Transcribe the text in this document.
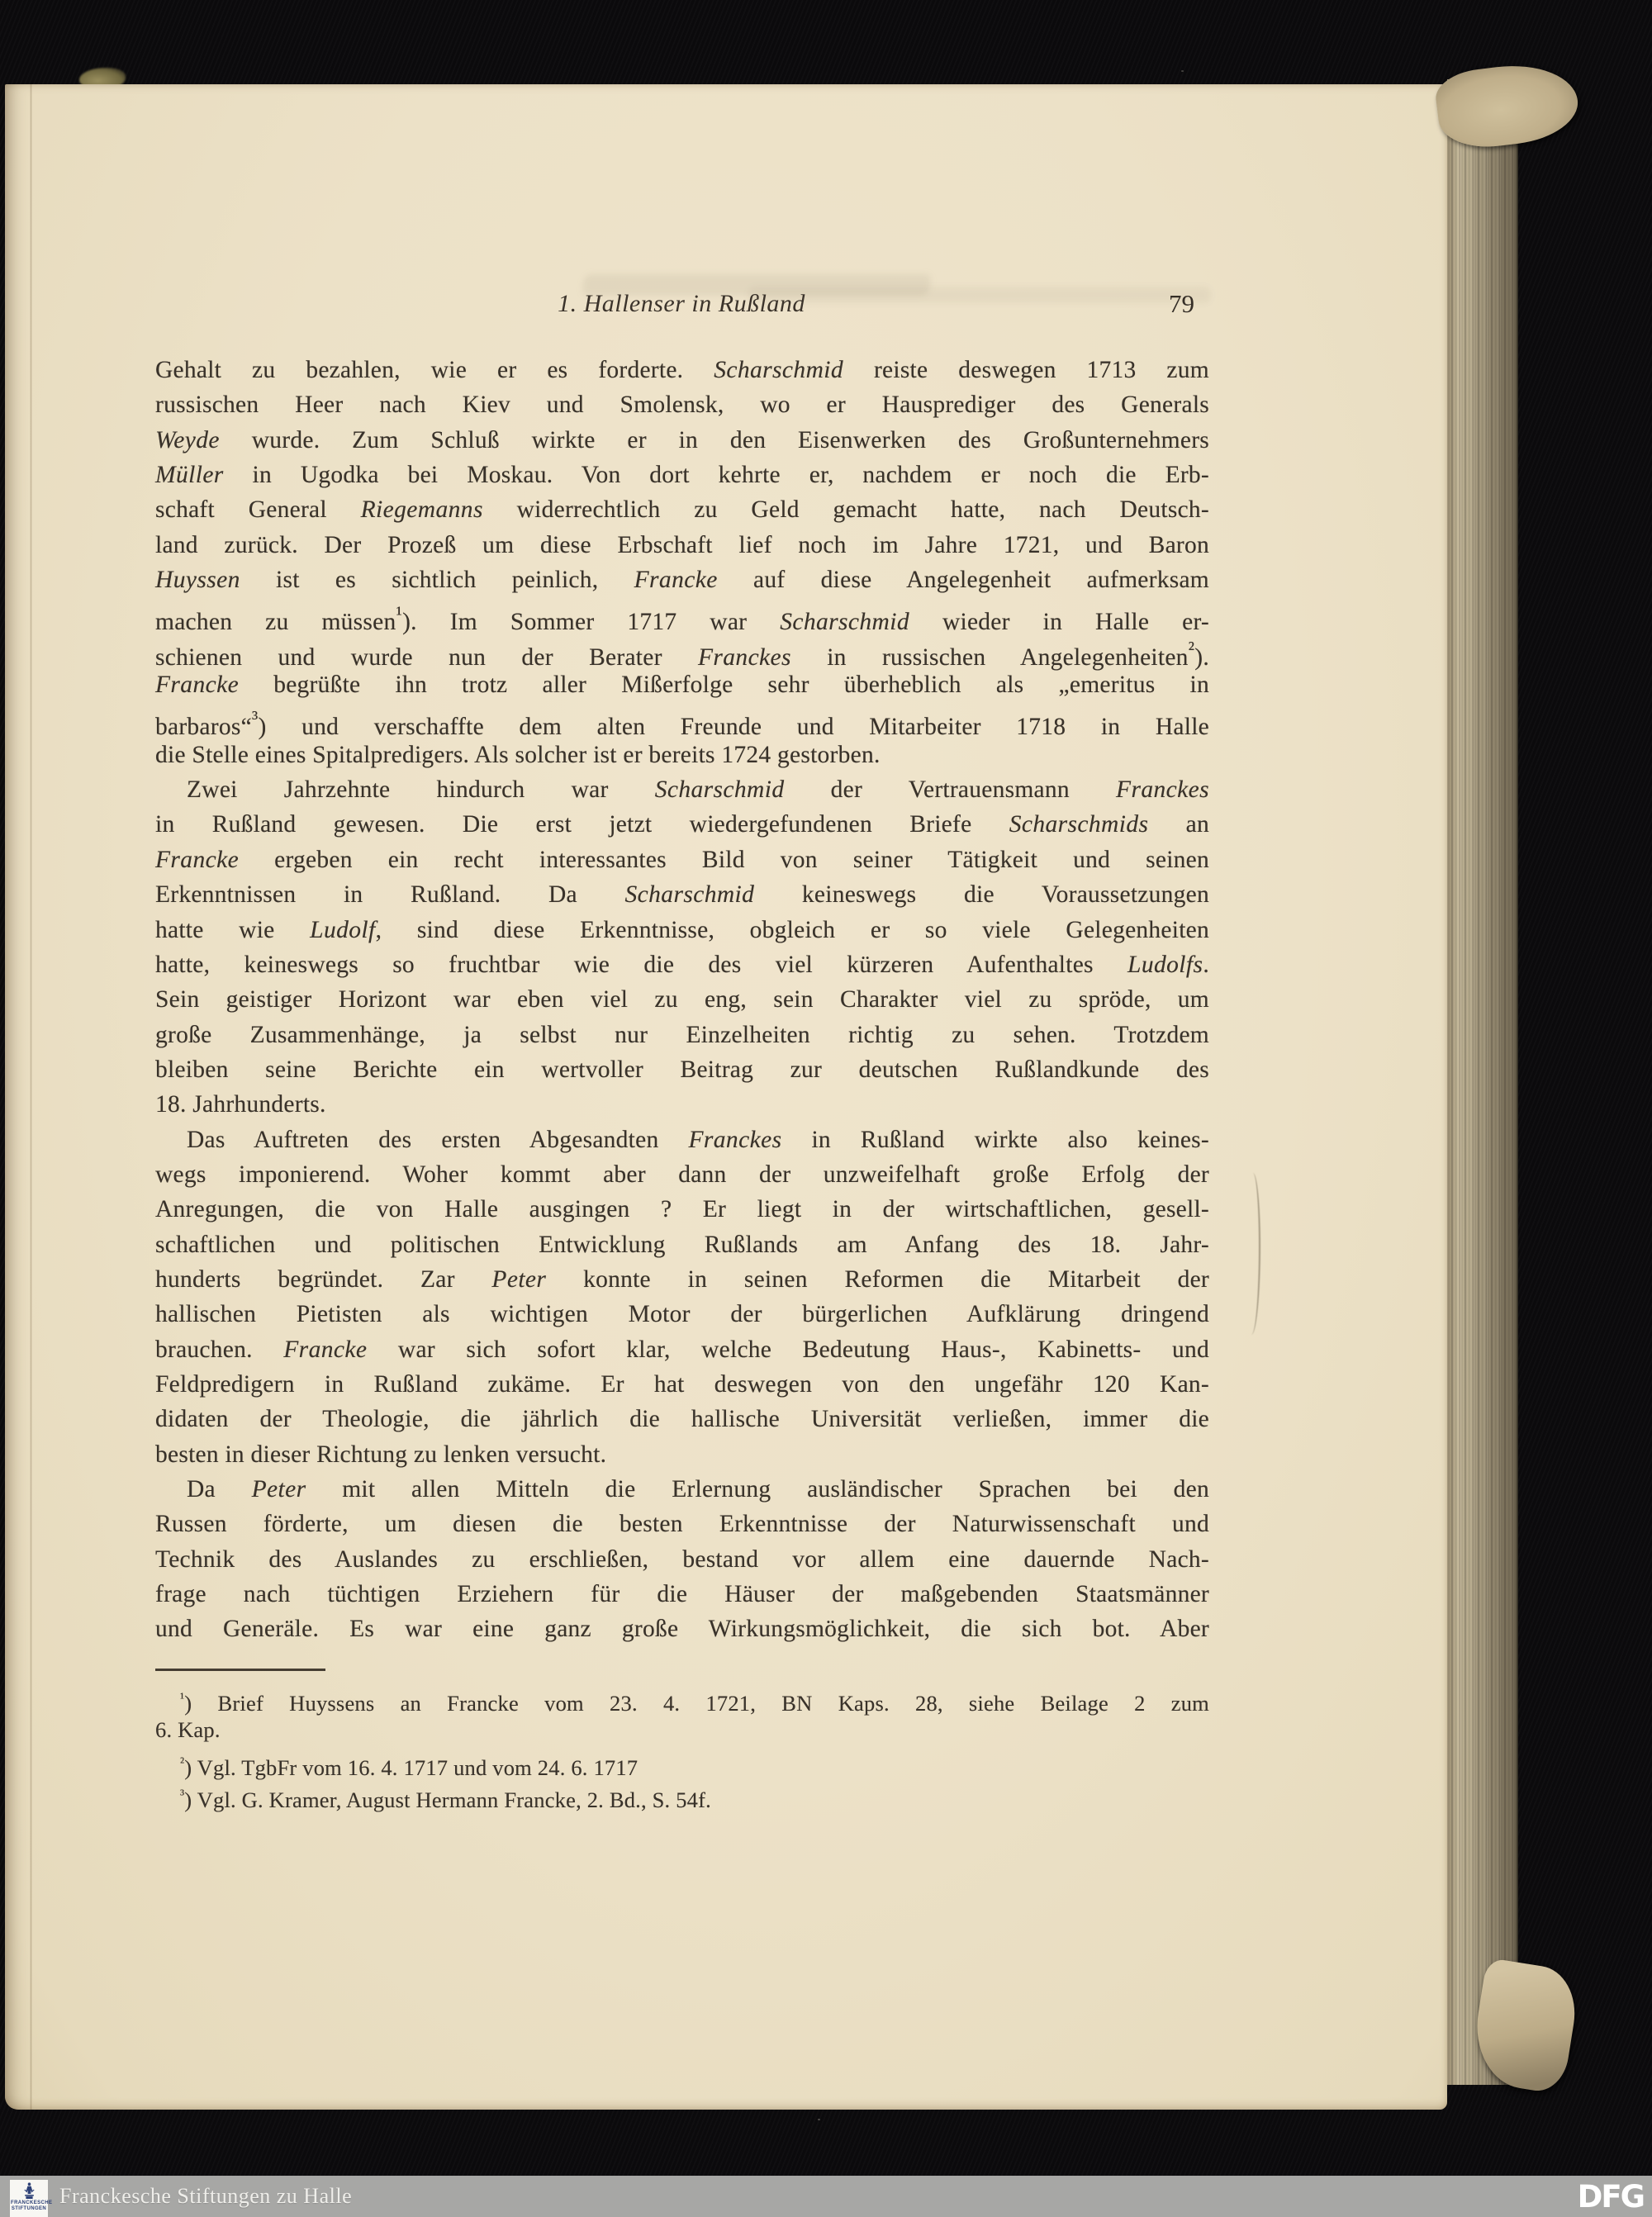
1. Hallenser in Rußland	79
Gehalt zu bezahlen, wie er es forderte. Scharschmid reiste deswegen 1713 zum
russischen Heer nach Kiev und Smolensk, wo er Hausprediger des Generals
Weyde wurde. Zum Schluß wirkte er in den Eisenwerken des Großunternehmers
Müller in Ugodka bei Moskau. Von dort kehrte er, nachdem er noch die Erb-
schaft General Riegemanns widerrechtlich zu Geld gemacht hatte, nach Deutsch-
land zurück. Der Prozeß um diese Erbschaft lief noch im Jahre 1721, und Baron
Huyssen ist es sichtlich peinlich, Francke auf diese Angelegenheit aufmerksam
machen zu müssen$^{^1}$). Im Sommer 1717 war Scharschmid wieder in Halle er-
schienen und wurde nun der Berater Franckes in russischen Angelegenheiten$^{^2}$).
Francke begrüßte ihn trotz aller Mißerfolge sehr überheblich als „emeritus in
barbaros“$^{^3}$) und verschaffte dem alten Freunde und Mitarbeiter 1718 in Halle
die Stelle eines Spitalpredigers. Als solcher ist er bereits 1724 gestorben.
Zwei Jahrzehnte hindurch war Scharschmid der Vertrauensmann Franckes
in Rußland gewesen. Die erst jetzt wiedergefundenen Briefe Scharschmids an
Francke ergeben ein recht interessantes Bild von seiner Tätigkeit und seinen
Erkenntnissen in Rußland. Da Scharschmid keineswegs die Voraussetzungen
hatte wie Ludolf, sind diese Erkenntnisse, obgleich er so viele Gelegenheiten
hatte, keineswegs so fruchtbar wie die des viel kürzeren Aufenthaltes Ludolfs.
Sein geistiger Horizont war eben viel zu eng, sein Charakter viel zu spröde, um
große Zusammenhänge, ja selbst nur Einzelheiten richtig zu sehen. Trotzdem
bleiben seine Berichte ein wertvoller Beitrag zur deutschen Rußlandkunde des
18. Jahrhunderts.
Das Auftreten des ersten Abgesandten Franckes in Rußland wirkte also keines-
wegs imponierend. Woher kommt aber dann der unzweifelhaft große Erfolg der
Anregungen, die von Halle ausgingen ? Er liegt in der wirtschaftlichen, gesell-
schaftlichen und politischen Entwicklung Rußlands am Anfang des 18. Jahr-
hunderts begründet. Zar Peter konnte in seinen Reformen die Mitarbeit der
hallischen Pietisten als wichtigen Motor der bürgerlichen Aufklärung dringend
brauchen. Francke war sich sofort klar, welche Bedeutung Haus-, Kabinetts- und
Feldpredigern in Rußland zukäme. Er hat deswegen von den ungefähr 120 Kan-
didaten der Theologie, die jährlich die hallische Universität verließen, immer die
besten in dieser Richtung zu lenken versucht.
Da Peter mit allen Mitteln die Erlernung ausländischer Sprachen bei den
Russen förderte, um diesen die besten Erkenntnisse der Naturwissenschaft und
Technik des Auslandes zu erschließen, bestand vor allem eine dauernde Nach-
frage nach tüchtigen Erziehern für die Häuser der maßgebenden Staatsmänner
und Generäle. Es war eine ganz große Wirkungsmöglichkeit, die sich bot. Aber
$^{^1}$) Brief Huyssens an Francke vom 23. 4. 1721, BN Kaps. 28, siehe Beilage 2 zum
6. Kap.
$^{^2}$) Vgl. TgbFr vom 16. 4. 1717 und vom 24. 6. 1717
$^{^3}$) Vgl. G. Kramer, August Hermann Francke, 2. Bd., S. 54f.
FRANCKESCHE STIFTUNGEN
Franckesche Stiftungen zu Halle	DFG
